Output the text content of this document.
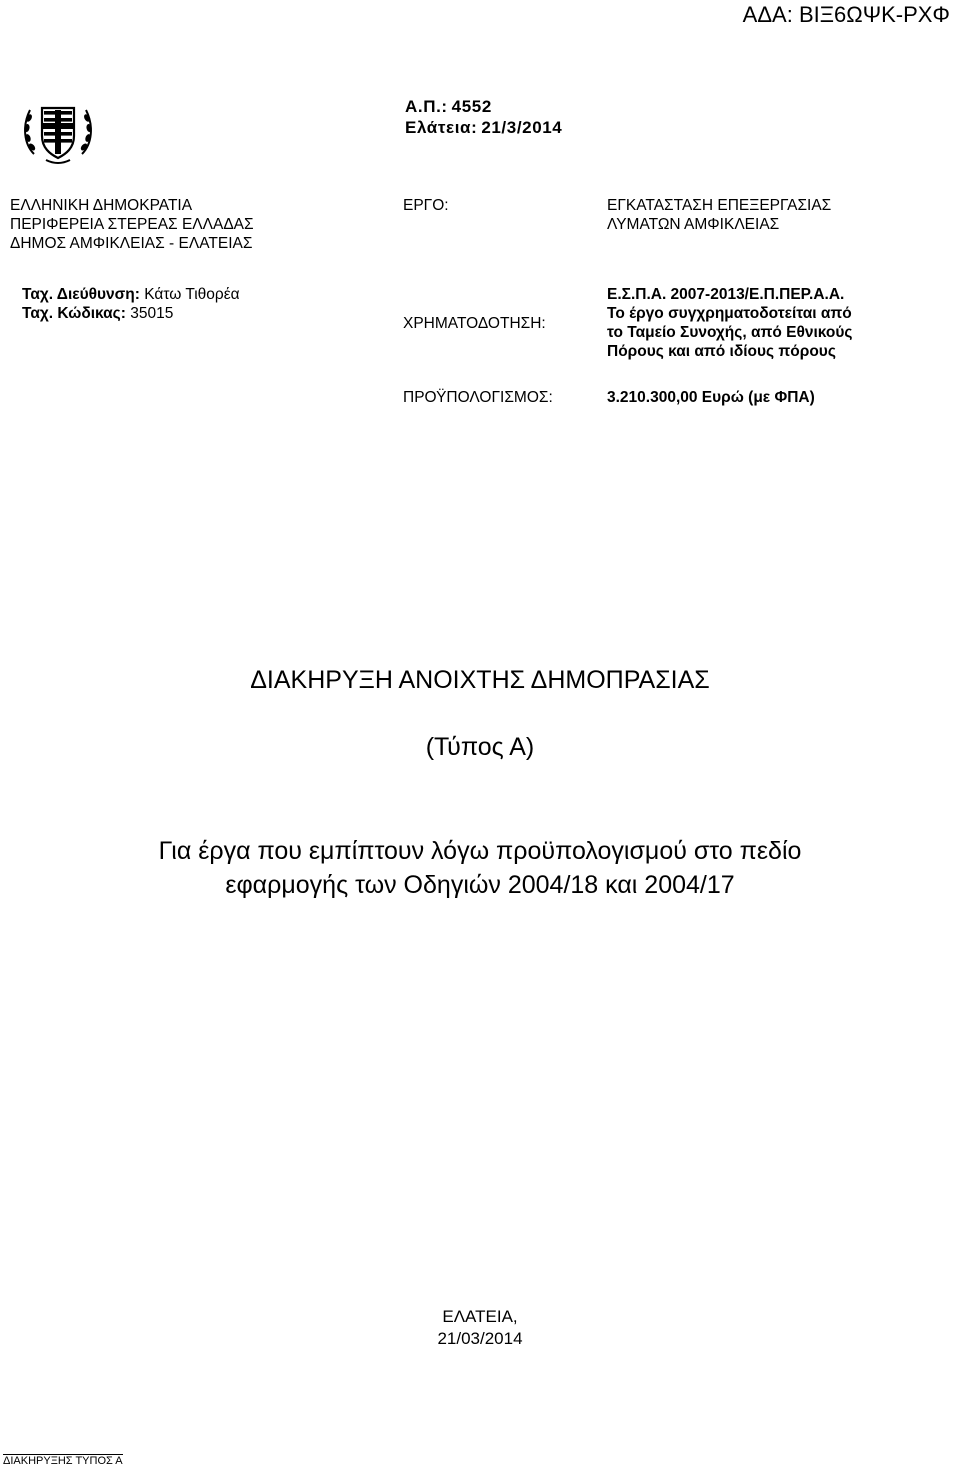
ΑΔΑ: ΒΙΞ6ΩΨΚ-ΡΧΦ
Α.Π.: 4552
Ελάτεια: 21/3/2014
ΕΛΛΗΝΙΚΗ ΔΗΜΟΚΡΑΤΙΑ
ΠΕΡΙΦΕΡΕΙΑ ΣΤΕΡΕΑΣ ΕΛΛΑΔΑΣ
ΔΗΜΟΣ ΑΜΦΙΚΛΕΙΑΣ - ΕΛΑΤΕΙΑΣ
Ταχ. Διεύθυνση: Κάτω Τιθορέα
Ταχ. Κώδικας: 35015
ΕΡΓΟ:	ΕΓΚΑΤΑΣΤΑΣΗ ΕΠΕΞΕΡΓΑΣΙΑΣ
ΛΥΜΑΤΩΝ ΑΜΦΙΚΛΕΙΑΣ
ΧΡΗΜΑΤΟΔΟΤΗΣΗ:
Ε.Σ.Π.Α. 2007-2013/Ε.Π.ΠΕΡ.Α.Α.
Το έργο συγχρηματοδοτείται από
το Ταμείο Συνοχής, από Εθνικούς
Πόρους και από ιδίους πόρους
ΠΡΟΫΠΟΛΟΓΙΣΜΟΣ:	3.210.300,00 Ευρώ (με ΦΠΑ)
ΔΙΑΚΗΡΥΞΗ ΑΝΟΙΧΤΗΣ ΔΗΜΟΠΡΑΣΙΑΣ
(Τύπος Α)
Για έργα που εμπίπτουν λόγω προϋπολογισμού στο πεδίο
εφαρμογής των Οδηγιών 2004/18 και 2004/17
ΕΛΑΤΕΙΑ,
21/03/2014
ΔΙΑΚΗΡΥΞΗΣ ΤΥΠΟΣ Α
